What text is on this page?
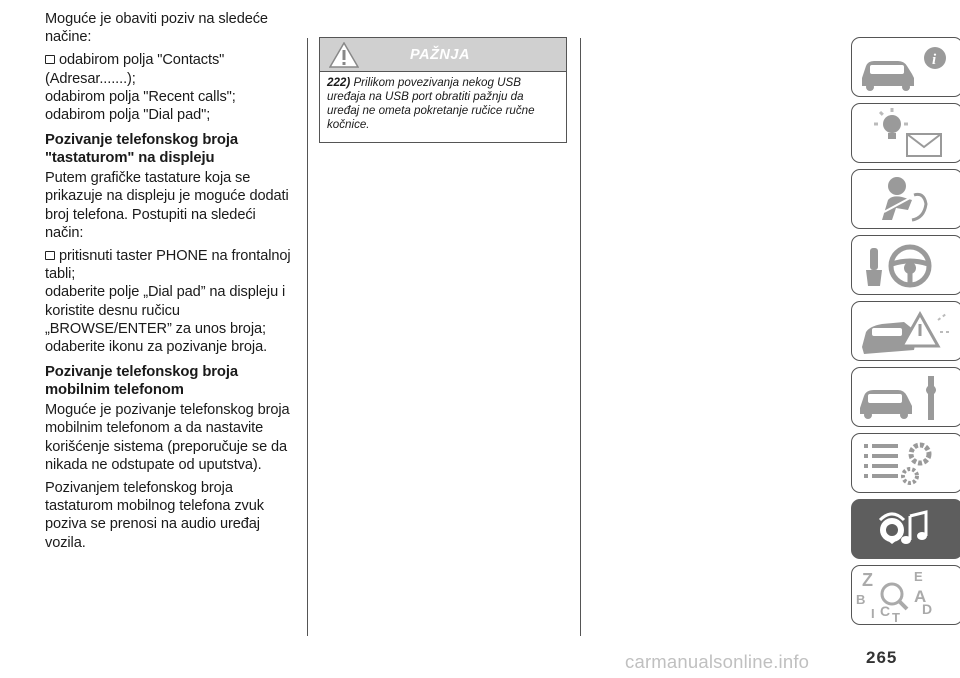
Moguće je obaviti poziv na sledeće načine:

odabirom polja "Contacts" (Adresar.......);
odabirom polja "Recent calls";
odabirom polja "Dial pad";

Pozivanje telefonskog broja "tastaturom" na displeju

Putem grafičke tastature koja se prikazuje na displeju je moguće dodati broj telefona. Postupiti na sledeći način:

pritisnuti taster PHONE na frontalnoj tabli;
odaberite polje „Dial pad” na displeju i koristite desnu ručicu „BROWSE/ENTER” za unos broja;
odaberite ikonu za pozivanje broja.

Pozivanje telefonskog broja mobilnim telefonom

Moguće je pozivanje telefonskog broja mobilnim telefonom a da nastavite korišćenje sistema (preporučuje se da nikada ne odstupate od uputstva).

Pozivanjem telefonskog broja tastaturom mobilnog telefona zvuk poziva se prenosi na audio uređaj vozila.

PAŽNJA
222) Prilikom povezivanja nekog USB uređaja na USB port obratiti pažnju da uređaj ne ometa pokretanje ručice ručne kočnice.
i
Z	E
A
B
C T
D
I
265
carmanualsonline.info
